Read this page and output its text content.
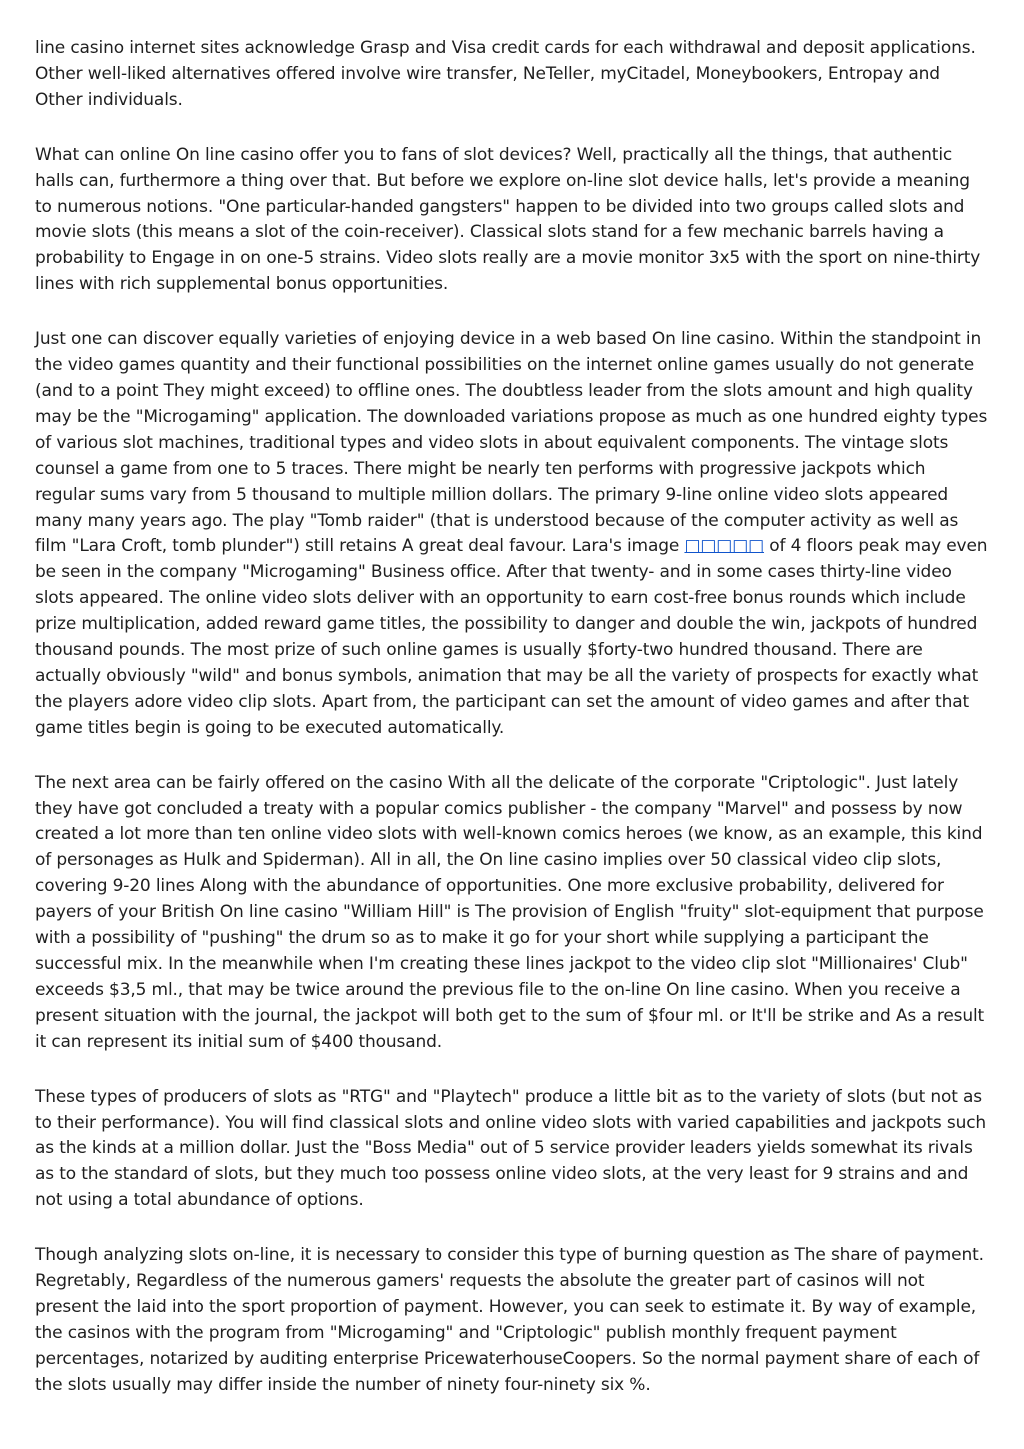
line casino internet sites acknowledge Grasp and Visa credit cards for each withdrawal and deposit applications. Other well-liked alternatives offered involve wire transfer, NeTeller, myCitadel, Moneybookers, Entropay and Other individuals.

What can online On line casino offer you to fans of slot devices? Well, practically all the things, that authentic halls can, furthermore a thing over that. But before we explore on-line slot device halls, let's provide a meaning to numerous notions. "One particular-handed gangsters" happen to be divided into two groups called slots and movie slots (this means a slot of the coin-receiver). Classical slots stand for a few mechanic barrels having a probability to Engage in on one-5 strains. Video slots really are a movie monitor 3x5 with the sport on nine-thirty lines with rich supplemental bonus opportunities.

Just one can discover equally varieties of enjoying device in a web based On line casino. Within the standpoint in the video games quantity and their functional possibilities on the internet online games usually do not generate (and to a point They might exceed) to offline ones. The doubtless leader from the slots amount and high quality may be the "Microgaming" application. The downloaded variations propose as much as one hundred eighty types of various slot machines, traditional types and video slots in about equivalent components. The vintage slots counsel a game from one to 5 traces. There might be nearly ten performs with progressive jackpots which regular sums vary from 5 thousand to multiple million dollars. The primary 9-line online video slots appeared many many years ago. The play "Tomb raider" (that is understood because of the computer activity as well as film "Lara Croft, tomb plunder") still retains A great deal favour. Lara's image □□□□□ of 4 floors peak may even be seen in the company "Microgaming" Business office. After that twenty- and in some cases thirty-line video slots appeared. The online video slots deliver with an opportunity to earn cost-free bonus rounds which include prize multiplication, added reward game titles, the possibility to danger and double the win, jackpots of hundred thousand pounds. The most prize of such online games is usually $forty-two hundred thousand. There are actually obviously "wild" and bonus symbols, animation that may be all the variety of prospects for exactly what the players adore video clip slots. Apart from, the participant can set the amount of video games and after that game titles begin is going to be executed automatically.

The next area can be fairly offered on the casino With all the delicate of the corporate "Criptologic". Just lately they have got concluded a treaty with a popular comics publisher - the company "Marvel" and possess by now created a lot more than ten online video slots with well-known comics heroes (we know, as an example, this kind of personages as Hulk and Spiderman). All in all, the On line casino implies over 50 classical video clip slots, covering 9-20 lines Along with the abundance of opportunities. One more exclusive probability, delivered for payers of your British On line casino "William Hill" is The provision of English "fruity" slot-equipment that purpose with a possibility of "pushing" the drum so as to make it go for your short while supplying a participant the successful mix. In the meanwhile when I'm creating these lines jackpot to the video clip slot "Millionaires' Club" exceeds $3,5 ml., that may be twice around the previous file to the on-line On line casino. When you receive a present situation with the journal, the jackpot will both get to the sum of $four ml. or It'll be strike and As a result it can represent its initial sum of $400 thousand.

These types of producers of slots as "RTG" and "Playtech" produce a little bit as to the variety of slots (but not as to their performance). You will find classical slots and online video slots with varied capabilities and jackpots such as the kinds at a million dollar. Just the "Boss Media" out of 5 service provider leaders yields somewhat its rivals as to the standard of slots, but they much too possess online video slots, at the very least for 9 strains and and not using a total abundance of options.

Though analyzing slots on-line, it is necessary to consider this type of burning question as The share of payment. Regretably, Regardless of the numerous gamers' requests the absolute the greater part of casinos will not present the laid into the sport proportion of payment. However, you can seek to estimate it. By way of example, the casinos with the program from "Microgaming" and "Criptologic" publish monthly frequent payment percentages, notarized by auditing enterprise PricewaterhouseCoopers. So the normal payment share of each of the slots usually may differ inside the number of ninety four-ninety six %.
